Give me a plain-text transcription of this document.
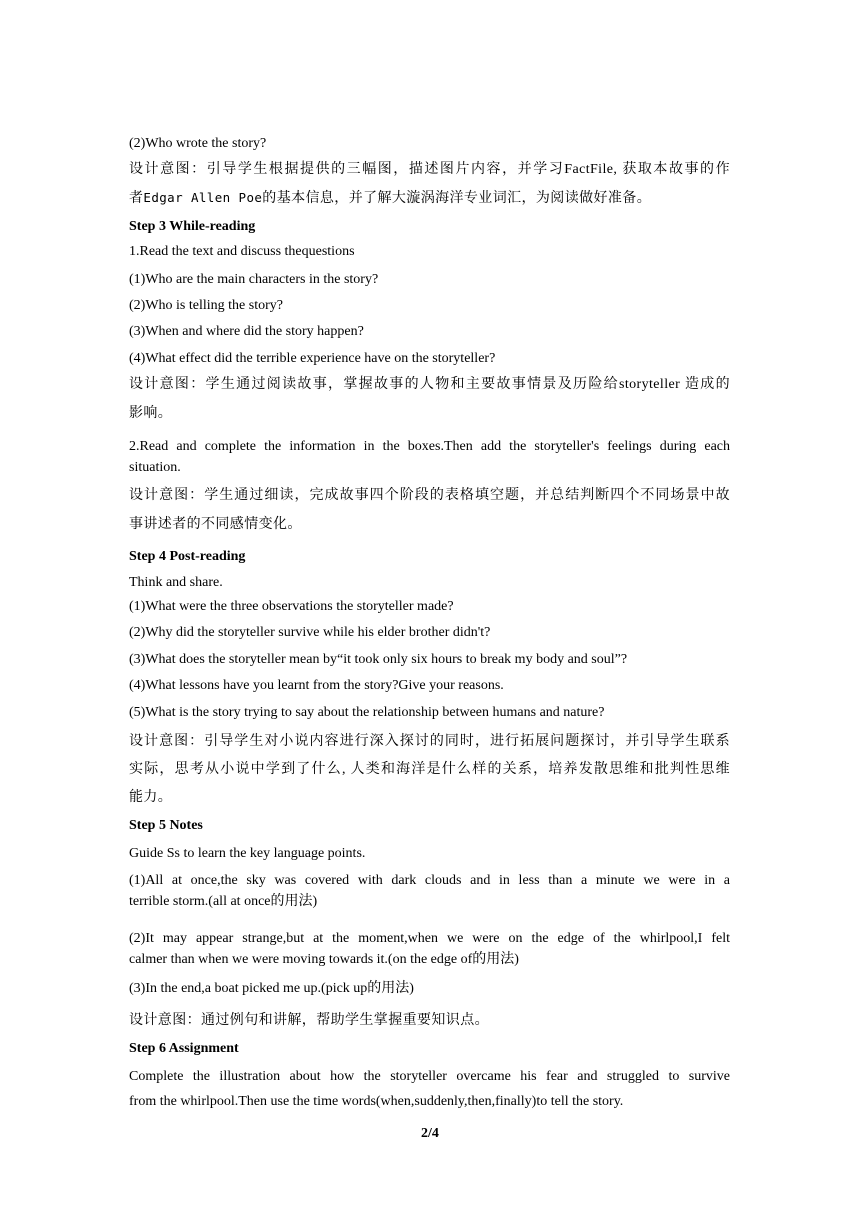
(2)Who wrote the story?
设计意图：引导学生根据提供的三幅图，描述图片内容，并学习FactFile, 获取本故事的作
者Edgar Allen Poe的基本信息，并了解大漩涡海洋专业词汇，为阅读做好准备。
Step 3 While-reading
1.Read the text and discuss thequestions
(1)Who are the main characters in the story?
(2)Who is telling the story?
(3)When and where did the story happen?
(4)What effect did the terrible experience have on the storyteller?
设计意图：学生通过阅读故事，掌握故事的人物和主要故事情景及历险给storyteller 造成的
影响。
2.Read and complete the information in the boxes.Then add the storyteller's feelings during each
situation.
设计意图：学生通过细读，完成故事四个阶段的表格填空题，并总结判断四个不同场景中故
事讲述者的不同感情变化。
Step 4 Post-reading
Think and share.
(1)What were the three observations the storyteller made?
(2)Why did the storyteller survive while his elder brother didn't?
(3)What does the storyteller mean by“it took only six hours to break my body and soul”?
(4)What lessons have you learnt from the story?Give your reasons.
(5)What is the story trying to say about the relationship between humans and nature?
设计意图：引导学生对小说内容进行深入探讨的同时，进行拓展问题探讨，并引导学生联系
实际，思考从小说中学到了什么, 人类和海洋是什么样的关系，培养发散思维和批判性思维
能力。
Step 5 Notes
Guide Ss to learn the key language points.
(1)All at once,the sky was covered with dark clouds and in less than a minute we were in a
terrible storm.(all at once的用法)
(2)It may appear strange,but at the moment,when we were on the edge of the whirlpool,I felt
calmer than when we were moving towards it.(on the edge of的用法)
(3)In the end,a boat picked me up.(pick up的用法)
设计意图：通过例句和讲解，帮助学生掌握重要知识点。
Step 6 Assignment
Complete the illustration about how the storyteller overcame his fear and struggled to survive
from the whirlpool.Then use the time words(when,suddenly,then,finally)to tell the story.
2/4
